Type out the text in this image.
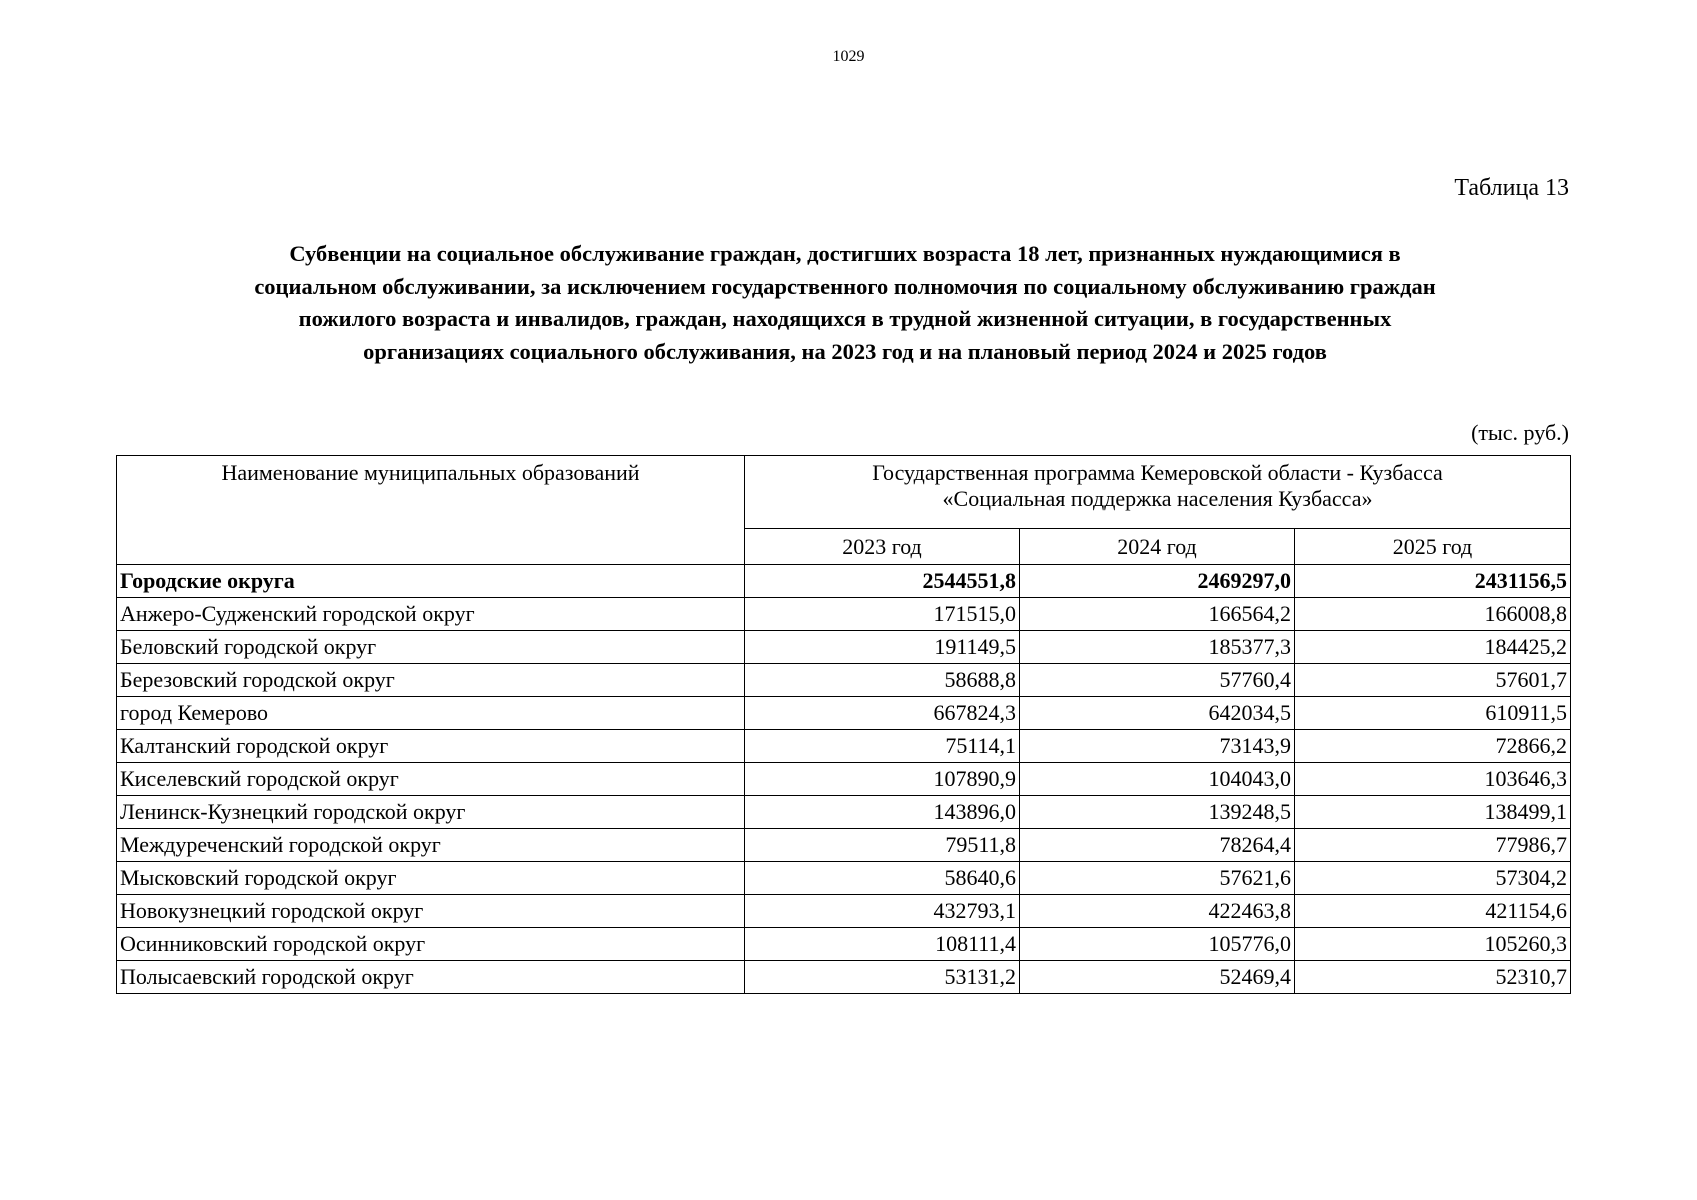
1029
Таблица 13
Субвенции на социальное обслуживание граждан, достигших возраста 18 лет, признанных нуждающимися в
социальном обслуживании, за исключением государственного полномочия по социальному обслуживанию граждан
пожилого возраста и инвалидов, граждан, находящихся в трудной жизненной ситуации, в государственных
организациях социального обслуживания, на 2023 год и на плановый период 2024 и 2025 годов
(тыс. руб.)
Наименование муниципальных образований	Государственная программа Кемеровской области - Кузбасса
«Социальная поддержка населения Кузбасса»		

	2023 год	2024 год	2025 год
Городские округа	2544551,8	2469297,0	2431156,5
Анжеро-Судженский городской округ	171515,0	166564,2	166008,8
Беловский городской округ	191149,5	185377,3	184425,2
Березовский городской округ	58688,8	57760,4	57601,7
город Кемерово	667824,3	642034,5	610911,5
Калтанский городской округ	75114,1	73143,9	72866,2
Киселевский городской округ	107890,9	104043,0	103646,3
Ленинск-Кузнецкий городской округ	143896,0	139248,5	138499,1
Междуреченский городской округ	79511,8	78264,4	77986,7
Мысковский городской округ	58640,6	57621,6	57304,2
Новокузнецкий городской округ	432793,1	422463,8	421154,6
Осинниковский городской округ	108111,4	105776,0	105260,3
Полысаевский городской округ	53131,2	52469,4	52310,7
